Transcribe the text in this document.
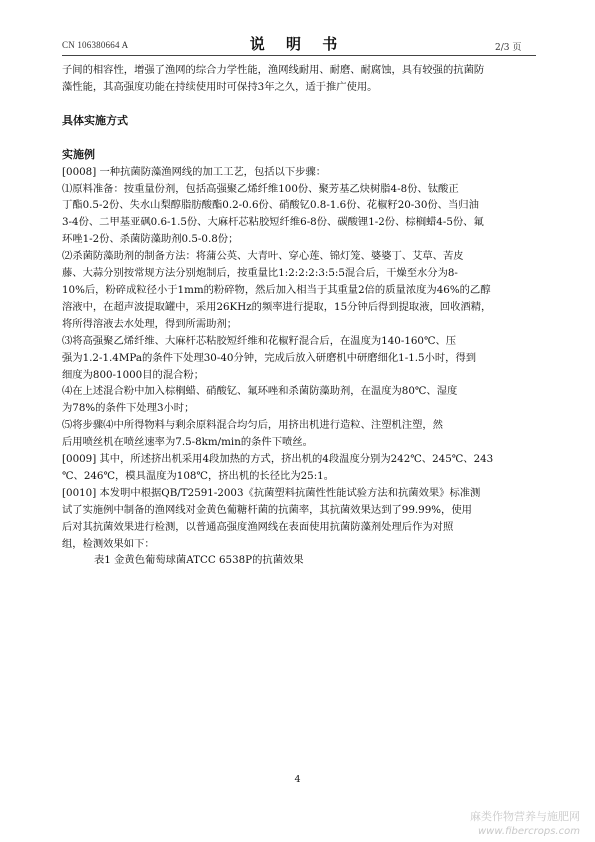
CN 106380664 A	说 明 书	2/3 页

子间的相容性，增强了渔网的综合力学性能，渔网线耐用、耐磨、耐腐蚀，具有较强的抗菌防

藻性能，其高强度功能在持续使用时可保持3年之久，适于推广使用。

具体实施方式

实施例

[0008] 一种抗菌防藻渔网线的加工工艺，包括以下步骤：

⑴原料准备：按重量份剂，包括高强聚乙烯纤维100份、聚芳基乙炔树脂4-8份、钛酸正

丁酯0.5-2份、失水山梨醇脂肪酸酯0.2-0.6份、硝酸钇0.8-1.6份、花椒籽20-30份、当归油

3-4份、二甲基亚砜0.6-1.5份、大麻杆芯粘胶短纤维6-8份、碳酸锂1-2份、棕榈蜡4-5份、氟

环唑1-2份、杀菌防藻助剂0.5-0.8份；

⑵杀菌防藻助剂的制备方法：将蒲公英、大青叶、穿心莲、锦灯笼、婆婆丁、艾草、苦皮

藤、大蒜分别按常规方法分别炮制后，按重量比1:2:2:2:3:5:5混合后，干燥至水分为8-

10%后，粉碎成粒径小于1mm的粉碎物，然后加入相当于其重量2倍的质量浓度为46%的乙醇

溶液中，在超声波提取罐中，采用26KHz的频率进行提取，15分钟后得到提取液，回收酒精，

将所得溶液去水处理，得到所需助剂；

⑶将高强聚乙烯纤维、大麻杆芯粘胶短纤维和花椒籽混合后，在温度为140-160℃、压

强为1.2-1.4MPa的条件下处理30-40分钟，完成后放入研磨机中研磨细化1-1.5小时，得到

细度为800-1000目的混合粉；

⑷在上述混合粉中加入棕榈蜡、硝酸钇、氟环唑和杀菌防藻助剂，在温度为80℃、湿度

为78%的条件下处理3小时；

⑸将步骤⑷中所得物料与剩余原料混合均匀后，用挤出机进行造粒、注塑机注塑，然

后用喷丝机在喷丝速率为7.5-8km/min的条件下喷丝。

[0009] 其中，所述挤出机采用4段加热的方式，挤出机的4段温度分别为242℃、245℃、243

℃、246℃，模具温度为108℃，挤出机的长径比为25:1。

[0010] 本发明中根据QB/T2591-2003《抗菌塑料抗菌性性能试验方法和抗菌效果》标准测

试了实施例中制备的渔网线对金黄色葡糖杆菌的抗菌率，其抗菌效果达到了99.99%，使用

后对其抗菌效果进行检测，以普通高强度渔网线在表面使用抗菌防藻剂处理后作为对照

组，检测效果如下：

表1 金黄色葡萄球菌ATCC 6538P的抗菌效果

4
麻类作物营养与施肥网
www.fibercrops.com
